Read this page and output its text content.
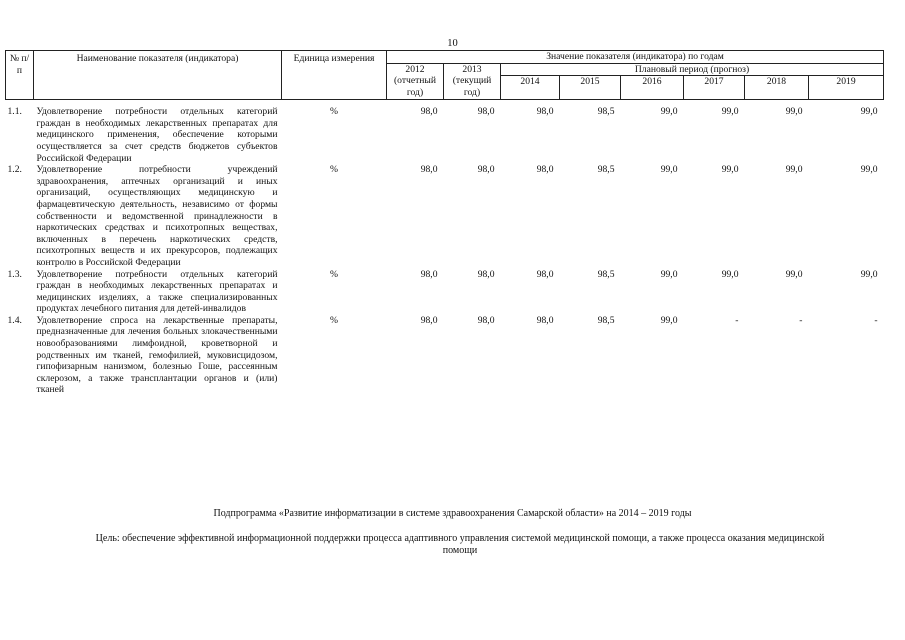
10
№ п/п	Наименование показателя (индикатора)	Единица измерения	Значение показателя (индикатора) по годам							
			2012 (отчетный год)	2013 (текущий год)	Плановый период (прогноз)					
					2014	2015	2016	2017	2018	2019

1.1.	Удовлетворение потребности отдельных категорий граждан в необходимых лекарственных препаратах для медицинского применения, обеспечение которыми осуществляется за счет средств бюджетов субъектов Российской Федерации	%	98,0	98,0	98,0	98,5	99,0	99,0	99,0	99,0
1.2.	Удовлетворение потребности учреждений здравоохранения, аптечных организаций и иных организаций, осуществляющих медицинскую и фармацевтическую деятельность, независимо от формы собственности и ведомственной принадлежности в наркотических средствах и психотропных веществах, включенных в перечень наркотических средств, психотропных веществ и их прекурсоров, подлежащих контролю в Российской Федерации	%	98,0	98,0	98,0	98,5	99,0	99,0	99,0	99,0
1.3.	Удовлетворение потребности отдельных категорий граждан в необходимых лекарственных препаратах и медицинских изделиях, а также специализированных продуктах лечебного питания для детей-инвалидов	%	98,0	98,0	98,0	98,5	99,0	99,0	99,0	99,0
1.4.	Удовлетворение спроса на лекарственные препараты, предназначенные для лечения больных злокачественными новообразованиями лимфоидной, кроветворной и родственных им тканей, гемофилией, муковисцидозом, гипофизарным нанизмом, болезнью Гоше, рассеянным склерозом, а также трансплантации органов и (или) тканей	%	98,0	98,0	98,0	98,5	99,0	-	-	-
Подпрограмма «Развитие информатизации в системе здравоохранения Самарской области» на 2014 – 2019 годы
Цель: обеспечение эффективной информационной поддержки процесса адаптивного управления системой медицинской помощи, а также процесса оказания медицинской помощи
